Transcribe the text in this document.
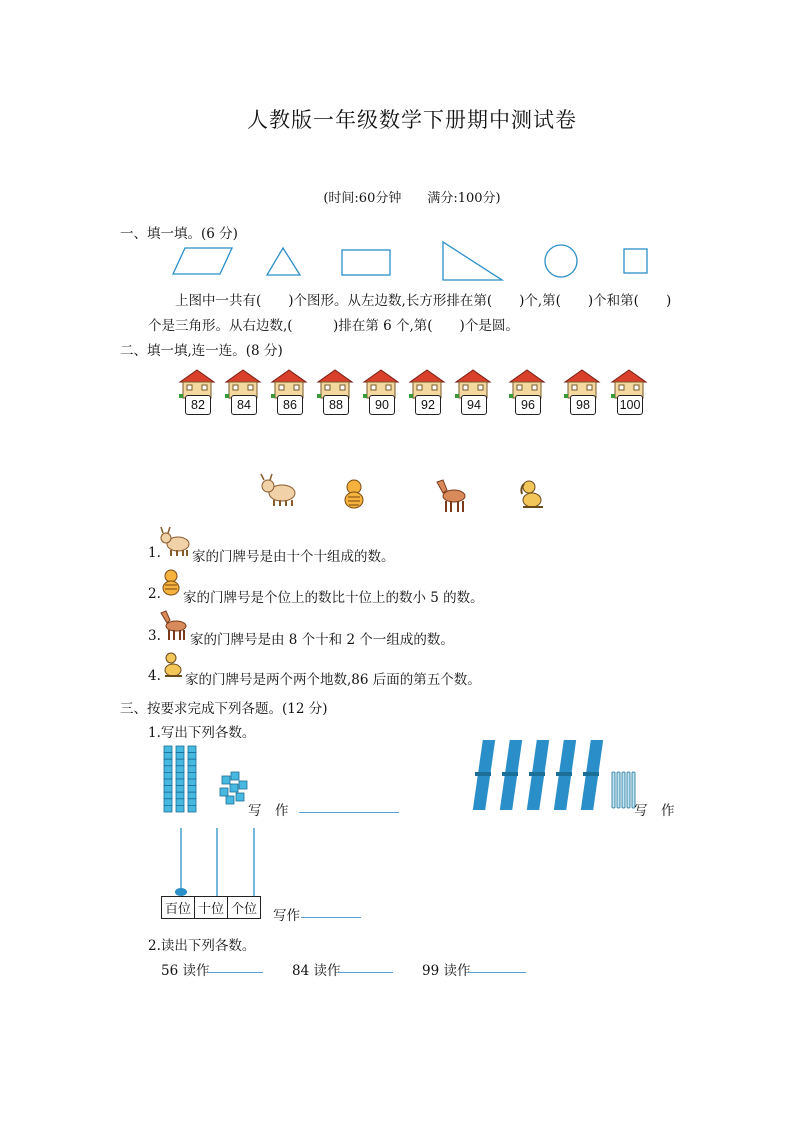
人教版一年级数学下册期中测试卷
(时间:60分钟　　满分:100分)
一、填一填。(6 分)
上图中一共有(　　)个图形。从左边数,长方形排在第(　　)个,第(　　)个和第(　　)
个是三角形。从右边数,(　　　)排在第 6 个,第(　　)个是圆。
二、填一填,连一连。(8 分)
82	84	86	88	90	92	94	96	98	100
1. 家的门牌号是由十个十组成的数。
2. 家的门牌号是个位上的数比十位上的数小 5 的数。
3. 家的门牌号是由 8 个十和 2 个一组成的数。
4. 家的门牌号是两个两个地数,86 后面的第五个数。
三、按要求完成下列各题。(12 分)
1.写出下列各数。
写　作	写　作
百位 十位 个位 写作
2.读出下列各数。
56 读作	84 读作	99 读作
